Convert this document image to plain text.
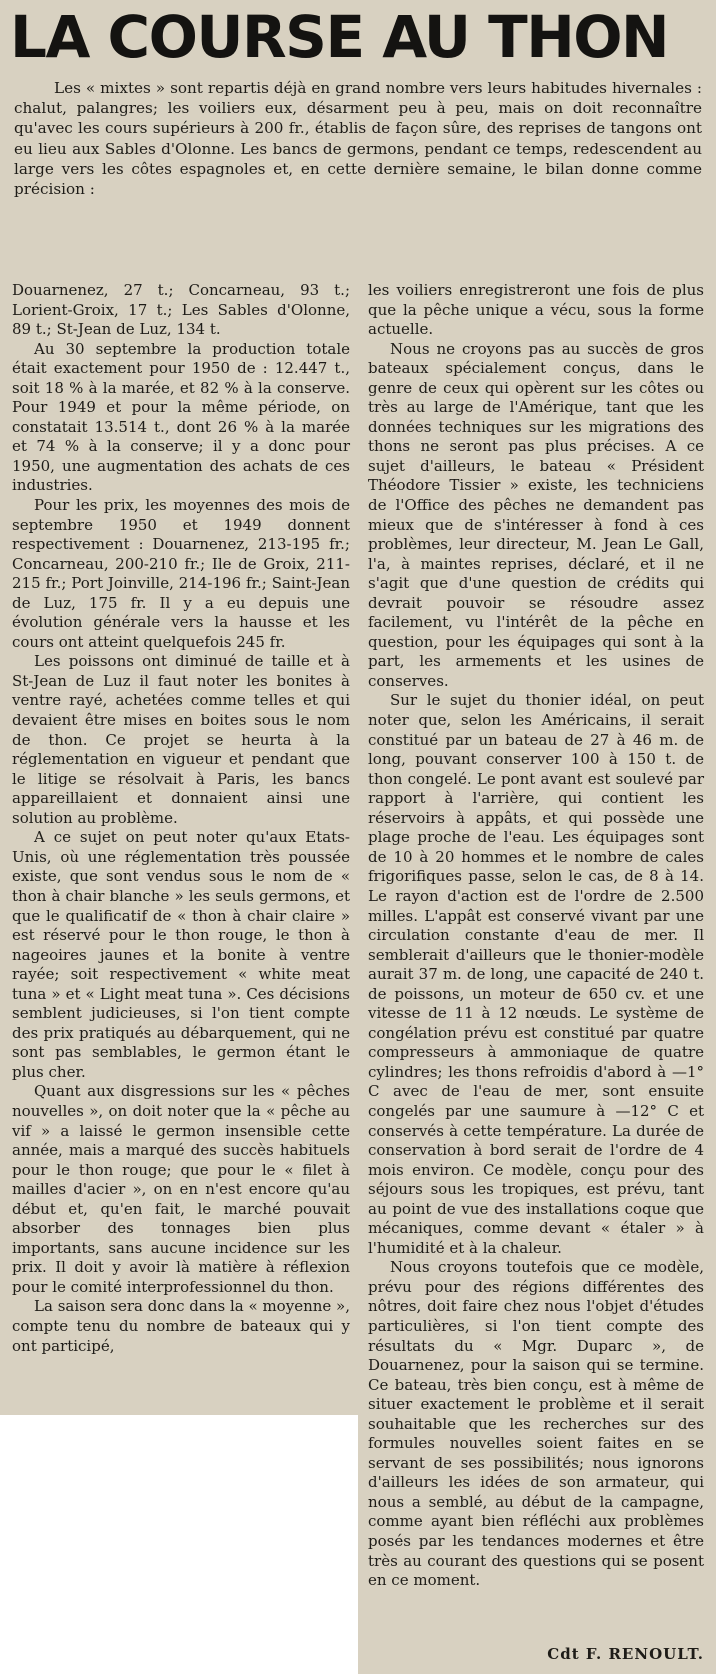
LA COURSE AU THON

Les « mixtes » sont repartis déjà en grand nombre vers leurs habitudes hivernales : chalut, palangres; les voiliers eux, désarment peu à peu, mais on doit reconnaître qu'avec les cours supérieurs à 200 fr., établis de façon sûre, des reprises de tangons ont eu lieu aux Sables d'Olonne. Les bancs de germons, pendant ce temps, redescendent au large vers les côtes espagnoles et, en cette dernière semaine, le bilan donne comme précision :

Douarnenez, 27 t.; Concarneau, 93 t.; Lorient-Groix, 17 t.; Les Sables d'Olonne, 89 t.; St-Jean de Luz, 134 t.

Au 30 septembre la production totale était exactement pour 1950 de : 12.447 t., soit 18 % à la marée, et 82 % à la conserve. Pour 1949 et pour la même période, on constatait 13.514 t., dont 26 % à la marée et 74 % à la conserve; il y a donc pour 1950, une augmentation des achats de ces industries.

Pour les prix, les moyennes des mois de septembre 1950 et 1949 donnent respectivement : Douarnenez, 213-195 fr.; Concarneau, 200-210 fr.; Ile de Groix, 211-215 fr.; Port Joinville, 214-196 fr.; Saint-Jean de Luz, 175 fr. Il y a eu depuis une évolution générale vers la hausse et les cours ont atteint quelquefois 245 fr.

Les poissons ont diminué de taille et à St-Jean de Luz il faut noter les bonites à ventre rayé, achetées comme telles et qui devaient être mises en boites sous le nom de thon. Ce projet se heurta à la réglementation en vigueur et pendant que le litige se résolvait à Paris, les bancs appareillaient et donnaient ainsi une solution au problème.

A ce sujet on peut noter qu'aux Etats-Unis, où une réglementation très poussée existe, que sont vendus sous le nom de « thon à chair blanche » les seuls germons, et que le qualificatif de « thon à chair claire » est réservé pour le thon rouge, le thon à nageoires jaunes et la bonite à ventre rayée; soit respectivement « white meat tuna » et « Light meat tuna ». Ces décisions semblent judicieuses, si l'on tient compte des prix pratiqués au débarquement, qui ne sont pas semblables, le germon étant le plus cher.

Quant aux disgressions sur les « pêches nouvelles », on doit noter que la « pêche au vif » a laissé le germon insensible cette année, mais a marqué des succès habituels pour le thon rouge; que pour le « filet à mailles d'acier », on en n'est encore qu'au début et, qu'en fait, le marché pouvait absorber des tonnages bien plus importants, sans aucune incidence sur les prix. Il doit y avoir là matière à réflexion pour le comité interprofessionnel du thon.

La saison sera donc dans la « moyenne », compte tenu du nombre de bateaux qui y ont participé,

les voiliers enregistreront une fois de plus que la pêche unique a vécu, sous la forme actuelle.

Nous ne croyons pas au succès de gros bateaux spécialement conçus, dans le genre de ceux qui opèrent sur les côtes ou très au large de l'Amérique, tant que les données techniques sur les migrations des thons ne seront pas plus précises. A ce sujet d'ailleurs, le bateau « Président Théodore Tissier » existe, les techniciens de l'Office des pêches ne demandent pas mieux que de s'intéresser à fond à ces problèmes, leur directeur, M. Jean Le Gall, l'a, à maintes reprises, déclaré, et il ne s'agit que d'une question de crédits qui devrait pouvoir se résoudre assez facilement, vu l'intérêt de la pêche en question, pour les équipages qui sont à la part, les armements et les usines de conserves.

Sur le sujet du thonier idéal, on peut noter que, selon les Américains, il serait constitué par un bateau de 27 à 46 m. de long, pouvant conserver 100 à 150 t. de thon congelé. Le pont avant est soulevé par rapport à l'arrière, qui contient les réservoirs à appâts, et qui possède une plage proche de l'eau. Les équipages sont de 10 à 20 hommes et le nombre de cales frigorifiques passe, selon le cas, de 8 à 14. Le rayon d'action est de l'ordre de 2.500 milles. L'appât est conservé vivant par une circulation constante d'eau de mer. Il semblerait d'ailleurs que le thonier-modèle aurait 37 m. de long, une capacité de 240 t. de poissons, un moteur de 650 cv. et une vitesse de 11 à 12 nœuds. Le système de congélation prévu est constitué par quatre compresseurs à ammoniaque de quatre cylindres; les thons refroidis d'abord à —1° C avec de l'eau de mer, sont ensuite congelés par une saumure à —12° C et conservés à cette température. La durée de conservation à bord serait de l'ordre de 4 mois environ. Ce modèle, conçu pour des séjours sous les tropiques, est prévu, tant au point de vue des installations coque que mécaniques, comme devant « étaler » à l'humidité et à la chaleur.

Nous croyons toutefois que ce modèle, prévu pour des régions différentes des nôtres, doit faire chez nous l'objet d'études particulières, si l'on tient compte des résultats du « Mgr. Duparc », de Douarnenez, pour la saison qui se termine. Ce bateau, très bien conçu, est à même de situer exactement le problème et il serait souhaitable que les recherches sur des formules nouvelles soient faites en se servant de ses possibilités; nous ignorons d'ailleurs les idées de son armateur, qui nous a semblé, au début de la campagne, comme ayant bien réfléchi aux problèmes posés par les tendances modernes et être très au courant des questions qui se posent en ce moment.

Cdt F. RENOULT.
